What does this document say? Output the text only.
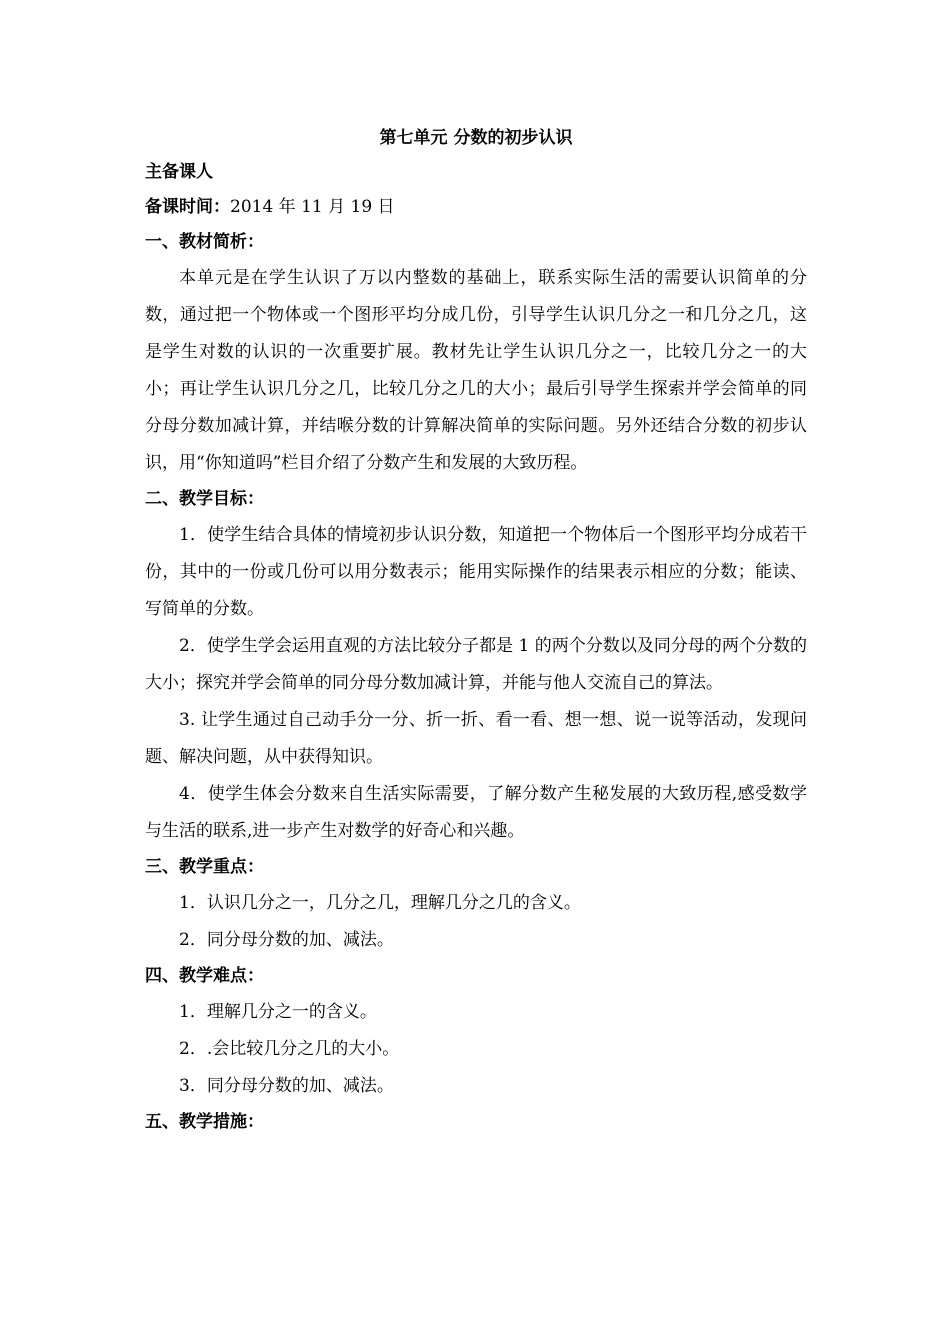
第七单元 分数的初步认识

主备课人

备课时间：2014 年 11 月 19 日

一、教材简析：

本单元是在学生认识了万以内整数的基础上，联系实际生活的需要认识简单的分数，通过把一个物体或一个图形平均分成几份，引导学生认识几分之一和几分之几，这是学生对数的认识的一次重要扩展。教材先让学生认识几分之一，比较几分之一的大小；再让学生认识几分之几，比较几分之几的大小；最后引导学生探索并学会简单的同分母分数加减计算，并结喉分数的计算解决简单的实际问题。另外还结合分数的初步认识，用“你知道吗”栏目介绍了分数产生和发展的大致历程。

二、教学目标：

1．使学生结合具体的情境初步认识分数，知道把一个物体后一个图形平均分成若干份，其中的一份或几份可以用分数表示；能用实际操作的结果表示相应的分数；能读、写简单的分数。

2．使学生学会运用直观的方法比较分子都是 1 的两个分数以及同分母的两个分数的大小；探究并学会简单的同分母分数加减计算，并能与他人交流自己的算法。

3. 让学生通过自己动手分一分、折一折、看一看、想一想、说一说等活动，发现问题、解决问题，从中获得知识。

4．使学生体会分数来自生活实际需要，了解分数产生秘发展的大致历程,感受数学与生活的联系,进一步产生对数学的好奇心和兴趣。

三、教学重点：

1．认识几分之一，几分之几，理解几分之几的含义。

2．同分母分数的加、减法。

四、教学难点：

1．理解几分之一的含义。

2．.会比较几分之几的大小。

3．同分母分数的加、减法。

五、教学措施：
